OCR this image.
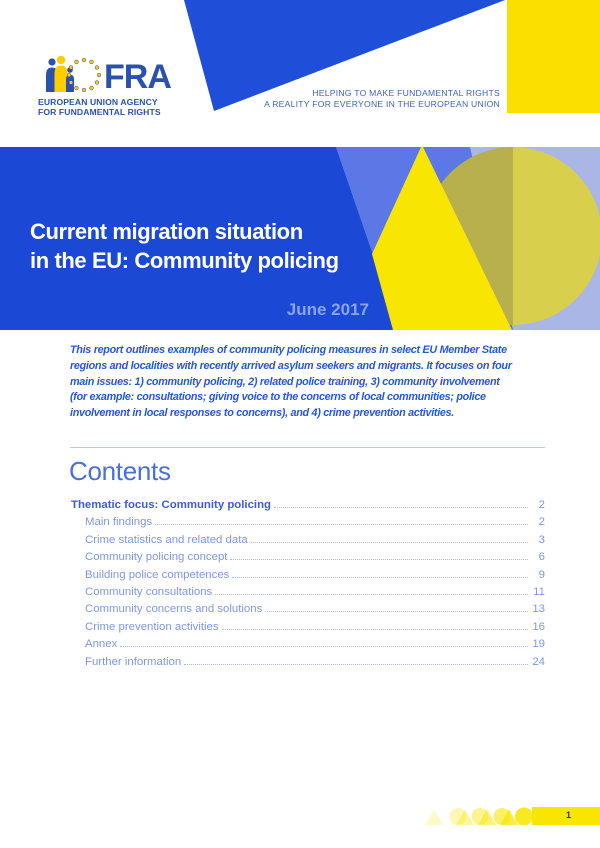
FRA
EUROPEAN UNION AGENCY
FOR FUNDAMENTAL RIGHTS
HELPING TO MAKE FUNDAMENTAL RIGHTS
A REALITY FOR EVERYONE IN THE EUROPEAN UNION
Current migration situation
in the EU: Community policing
June 2017
This report outlines examples of community policing measures in select EU Member State regions and localities with recently arrived asylum seekers and migrants. It focuses on four main issues: 1) community policing, 2) related police training, 3) community involvement (for example: consultations; giving voice to the concerns of local communities; police involvement in local responses to concerns), and 4) crime prevention activities.
Contents
Thematic focus: Community policing	2
Main findings	2
Crime statistics and related data	3
Community policing concept	6
Building police competences	9
Community consultations	11
Community concerns and solutions	13
Crime prevention activities	16
Annex	19
Further information	24
1
